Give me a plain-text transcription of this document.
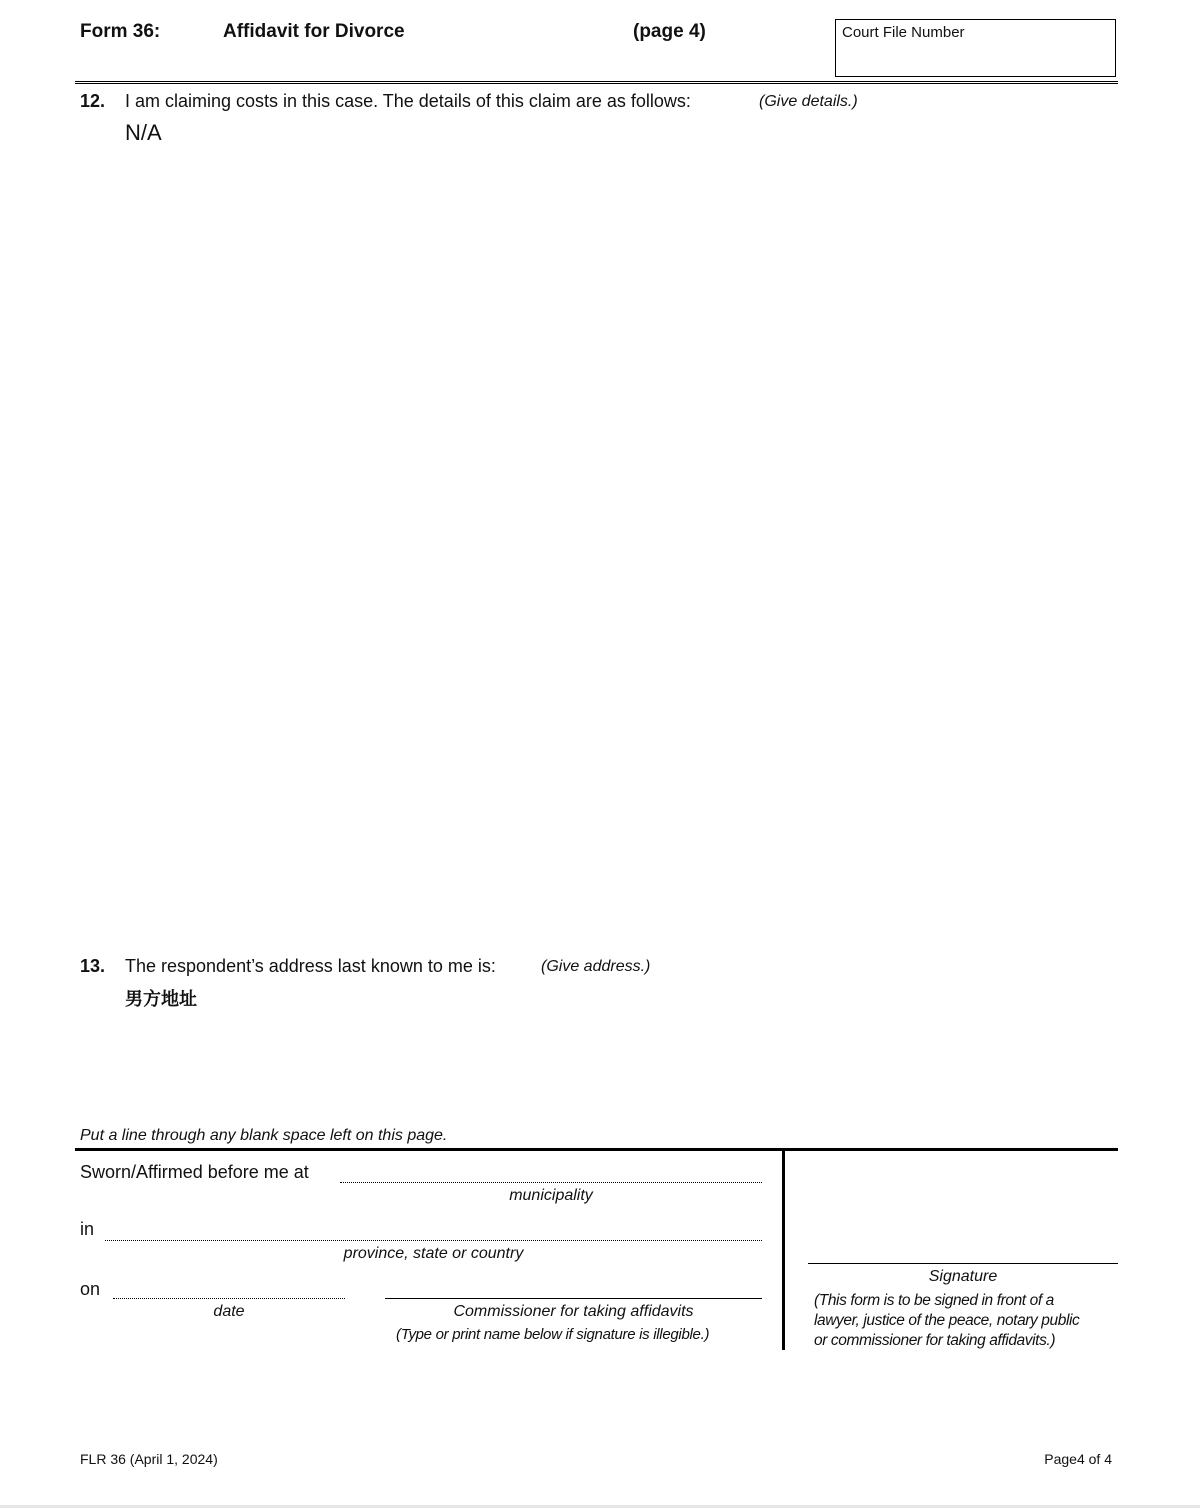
Form 36:	Affidavit for Divorce	(page 4)	Court File Number
12. I am claiming costs in this case. The details of this claim are as follows:	(Give details.)
N/A
13. The respondent’s address last known to me is:	(Give address.)
男方地址
Put a line through any blank space left on this page.
Sworn/Affirmed before me at
municipality
in
province, state or country
on
date	Commissioner for taking affidavits
(Type or print name below if signature is illegible.)
Signature
(This form is to be signed in front of a
lawyer, justice of the peace, notary public
or commissioner for taking affidavits.)
FLR 36 (April 1, 2024)	Page4 of 4
